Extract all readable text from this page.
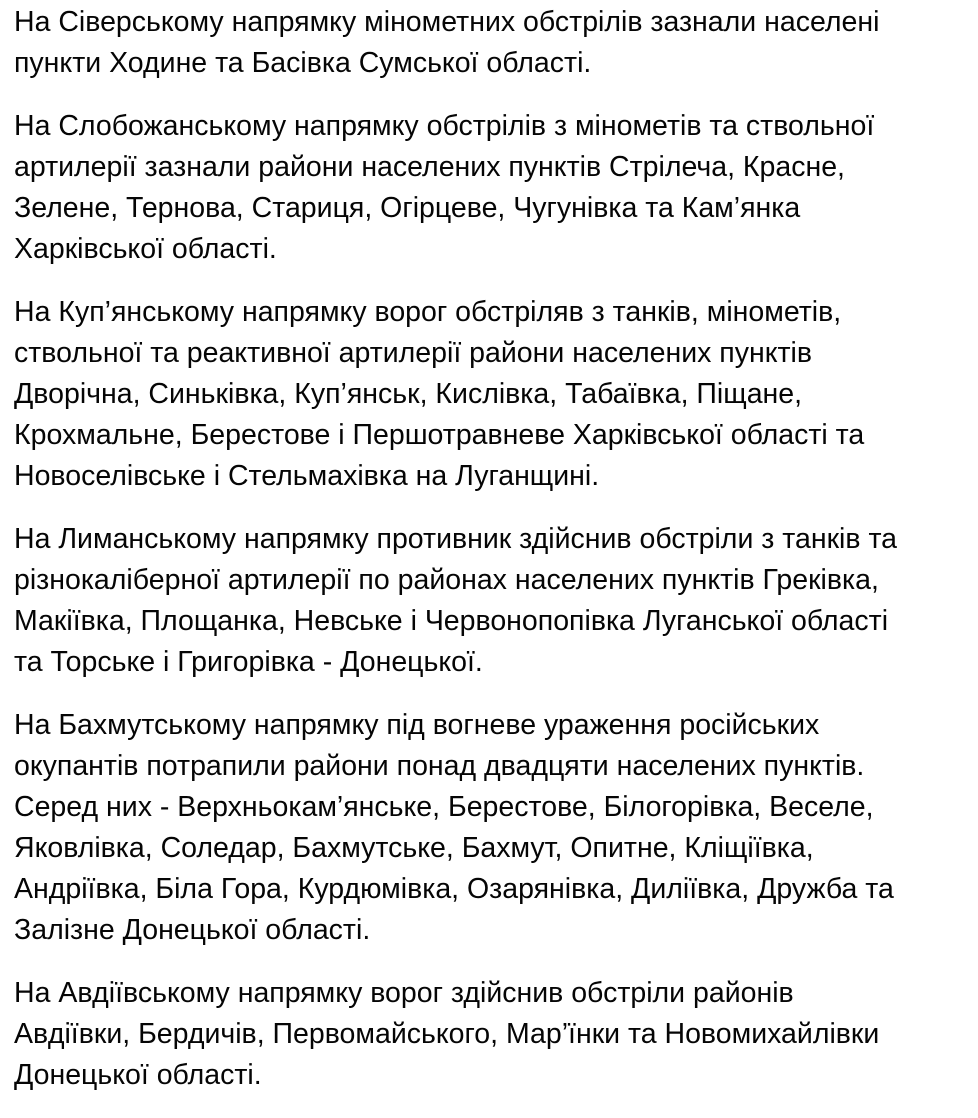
На Сіверському напрямку мінометних обстрілів зазнали населені
пункти Ходине та Басівка Сумської області.

На Слобожанському напрямку обстрілів з мінометів та ствольної
артилерії зазнали райони населених пунктів Стрілеча, Красне,
Зелене, Тернова, Стариця, Огірцеве, Чугунівка та Кам’янка
Харківської області.

На Куп’янському напрямку ворог обстріляв з танків, мінометів,
ствольної та реактивної артилерії райони населених пунктів
Дворічна, Синьківка, Куп’янськ, Кислівка, Табаївка, Піщане,
Крохмальне, Берестове і Першотравневе Харківської області та
Новоселівське і Стельмахівка на Луганщині.

На Лиманському напрямку противник здійснив обстріли з танків та
різнокаліберної артилерії по районах населених пунктів Греківка,
Макіївка, Площанка, Невське і Червонопопівка Луганської області
та Торське і Григорівка - Донецької.

На Бахмутському напрямку під вогневе ураження російських
окупантів потрапили райони понад двадцяти населених пунктів.
Серед них - Верхньокам’янське, Берестове, Білогорівка, Веселе,
Яковлівка, Соледар, Бахмутське, Бахмут, Опитне, Кліщіївка,
Андріївка, Біла Гора, Курдюмівка, Озарянівка, Диліївка, Дружба та
Залізне Донецької області.

На Авдіївському напрямку ворог здійснив обстріли районів
Авдіївки, Бердичів, Первомайського, Мар’їнки та Новомихайлівки
Донецької області.
